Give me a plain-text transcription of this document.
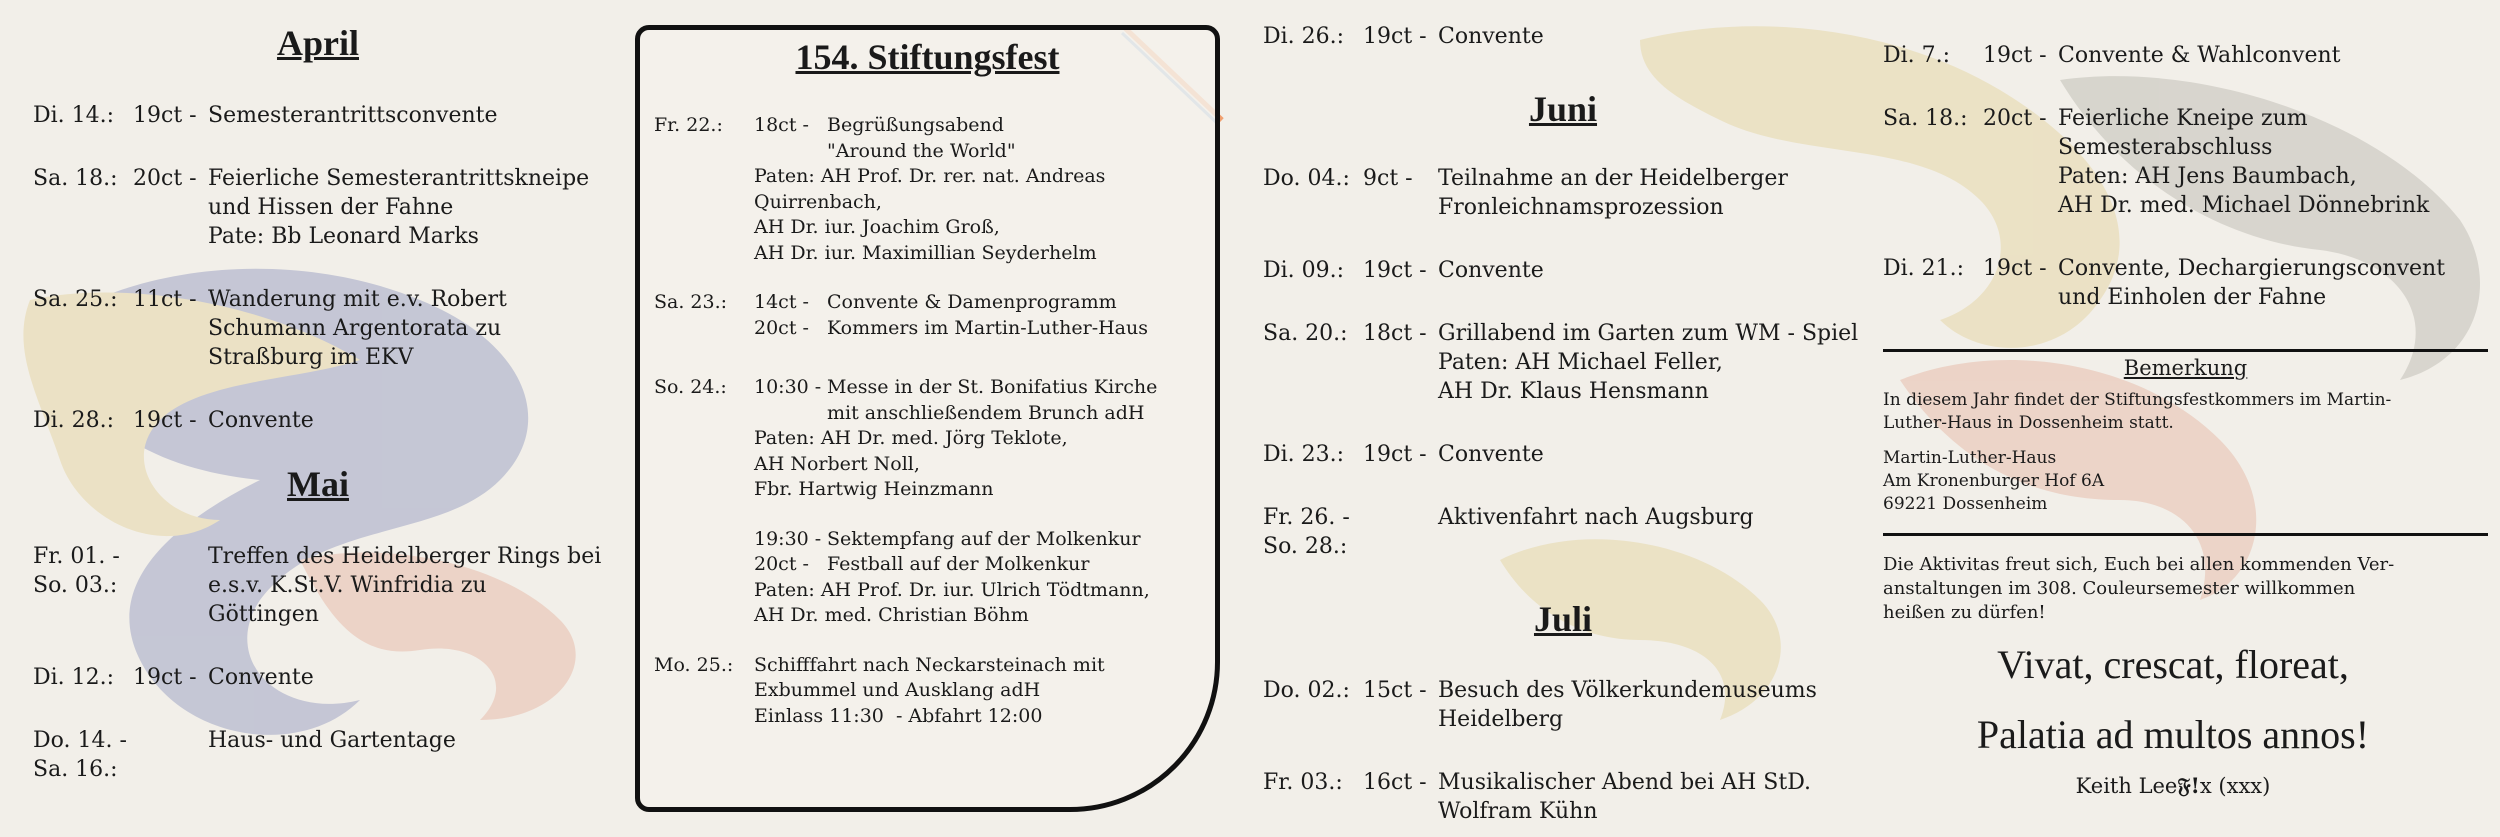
April
Di. 14.: 19ct - Semesterantrittsconvente
Sa. 18.: 20ct - Feierliche Semesterantrittskneipe
und Hissen der Fahne
Pate: Bb Leonard Marks
Sa. 25.: 11ct - Wanderung mit e.v. Robert
Schumann Argentorata zu
Straßburg im EKV
Di. 28.: 19ct - Convente
Mai
Fr. 01. -
So. 03.:
Treffen des Heidelberger Rings bei
e.s.v. K.St.V. Winfridia zu
Göttingen
Di. 12.: 19ct - Convente
Do. 14. -
Sa. 16.:
Haus- und Gartentage
154. Stiftungsfest
Fr. 22.:	18ct - Begrüßungsabend
"Around the World"
Paten: AH Prof. Dr. rer. nat. Andreas
Quirrenbach,
AH Dr. iur. Joachim Groß,
AH Dr. iur. Maximillian Seyderhelm
Sa. 23.:	14ct - Convente & Damenprogramm
20ct - Kommers im Martin-Luther-Haus
So. 24.:	10:30 - Messe in der St. Bonifatius Kirche
mit anschließendem Brunch adH
Paten: AH Dr. med. Jörg Teklote,
AH Norbert Noll,
Fbr. Hartwig Heinzmann
19:30 - Sektempfang auf der Molkenkur
20ct - Festball auf der Molkenkur
Paten: AH Prof. Dr. iur. Ulrich Tödtmann,
AH Dr. med. Christian Böhm
Mo. 25.:	Schifffahrt nach Neckarsteinach mit
Exbummel und Ausklang adH
Einlass 11:30  - Abfahrt 12:00
Di. 26.: 19ct - Convente
Juni
Do. 04.: 9ct -	Teilnahme an der Heidelberger
Fronleichnamsprozession
Di. 09.: 19ct - Convente
Sa. 20.: 18ct - Grillabend im Garten zum WM - Spiel
Paten: AH Michael Feller,
AH Dr. Klaus Hensmann
Di. 23.: 19ct - Convente
Fr. 26. -
So. 28.:
Aktivenfahrt nach Augsburg
Juli
Do. 02.: 15ct - Besuch des Völkerkundemuseums
Heidelberg
Fr. 03.: 16ct - Musikalischer Abend bei AH StD.
Wolfram Kühn
Di. 7.:	19ct - Convente & Wahlconvent
Sa. 18.: 20ct - Feierliche Kneipe zum
Semesterabschluss
Paten: AH Jens Baumbach,
AH Dr. med. Michael Dönnebrink
Di. 21.: 19ct - Convente, Dechargierungsconvent
und Einholen der Fahne
Bemerkung
In diesem Jahr findet der Stiftungsfestkommers im Martin-
Luther-Haus in Dossenheim statt.
Martin-Luther-Haus
Am Kronenburger Hof 6A
69221 Dossenheim
Die Aktivitas freut sich, Euch bei allen kommenden Ver-
anstaltungen im 308. Couleursemester willkommen
heißen zu dürfen!
Vivat, crescat, floreat,
Palatia ad multos annos!
Keith Lee𝔉!x (xxx)
